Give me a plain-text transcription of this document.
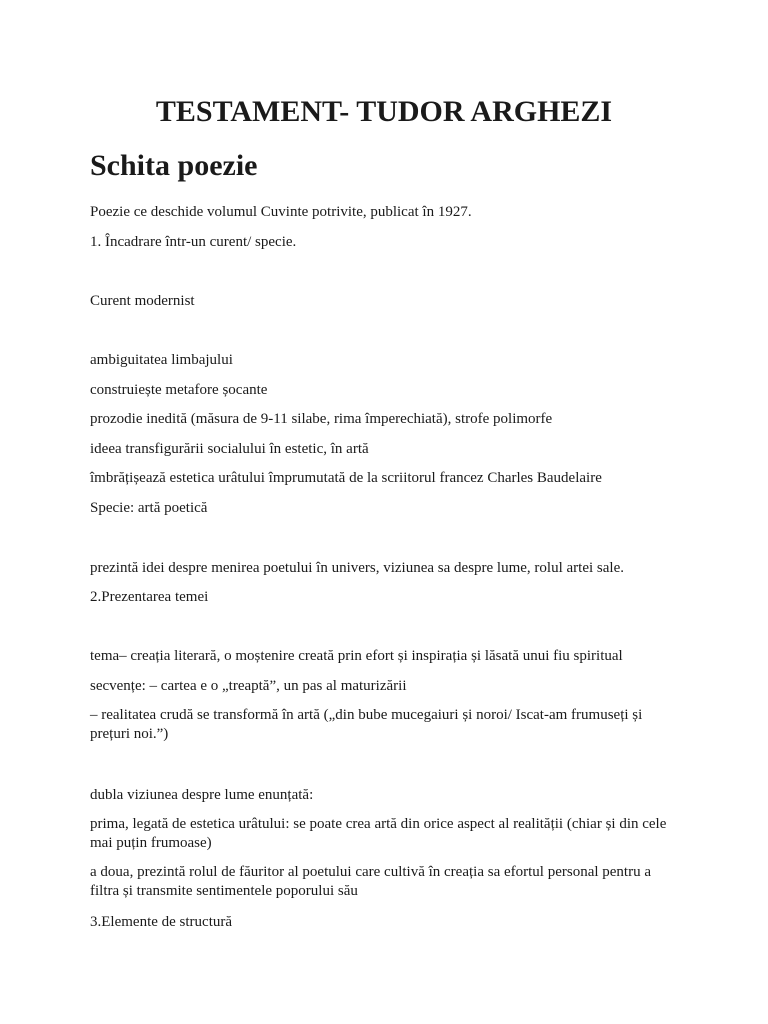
TESTAMENT- TUDOR ARGHEZI
Schita poezie

Poezie ce deschide volumul Cuvinte potrivite, publicat în 1927.

1. Încadrare într-un curent/ specie.

Curent modernist

ambiguitatea limbajului

construiește metafore șocante

prozodie inedită (măsura de 9-11 silabe, rima împerechiată), strofe polimorfe

ideea transfigurării socialului în estetic, în artă

îmbrățișează estetica urâtului împrumutată de la scriitorul francez Charles Baudelaire

Specie: artă poetică

prezintă idei despre menirea poetului în univers, viziunea sa despre lume, rolul artei sale.

2.Prezentarea temei

tema– creația literară, o moștenire creată prin efort și inspirația și lăsată unui fiu spiritual

secvențe: – cartea e o „treaptă”, un pas al maturizării

– realitatea crudă se transformă în artă („din bube mucegaiuri și noroi/ Iscat-am frumuseți și prețuri noi.”)

dubla viziunea despre lume enunțată:

prima, legată de estetica urâtului: se poate crea artă din orice aspect al realității (chiar și din cele mai puțin frumoase)

a doua, prezintă rolul de făuritor al poetului care cultivă în creația sa efortul personal pentru a filtra și transmite sentimentele poporului său

3.Elemente de structură
